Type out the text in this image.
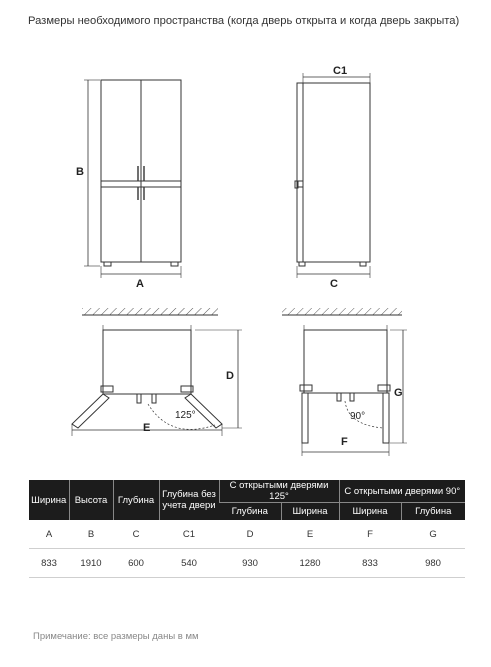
Размеры необходимого пространства (когда дверь открыта и когда дверь закрыта)
B
A
C1
C
D
E
125°
G
F
90°
Ширина	Высота	Глубина	Глубина без учета двери	С открытыми дверями 125°		С открытыми дверями 90°	
				Глубина	Ширина	Ширина	Глубина
A	B	C	C1	D	E	F	G
833	1910	600	540	930	1280	833	980
Примечание: все размеры даны в мм
